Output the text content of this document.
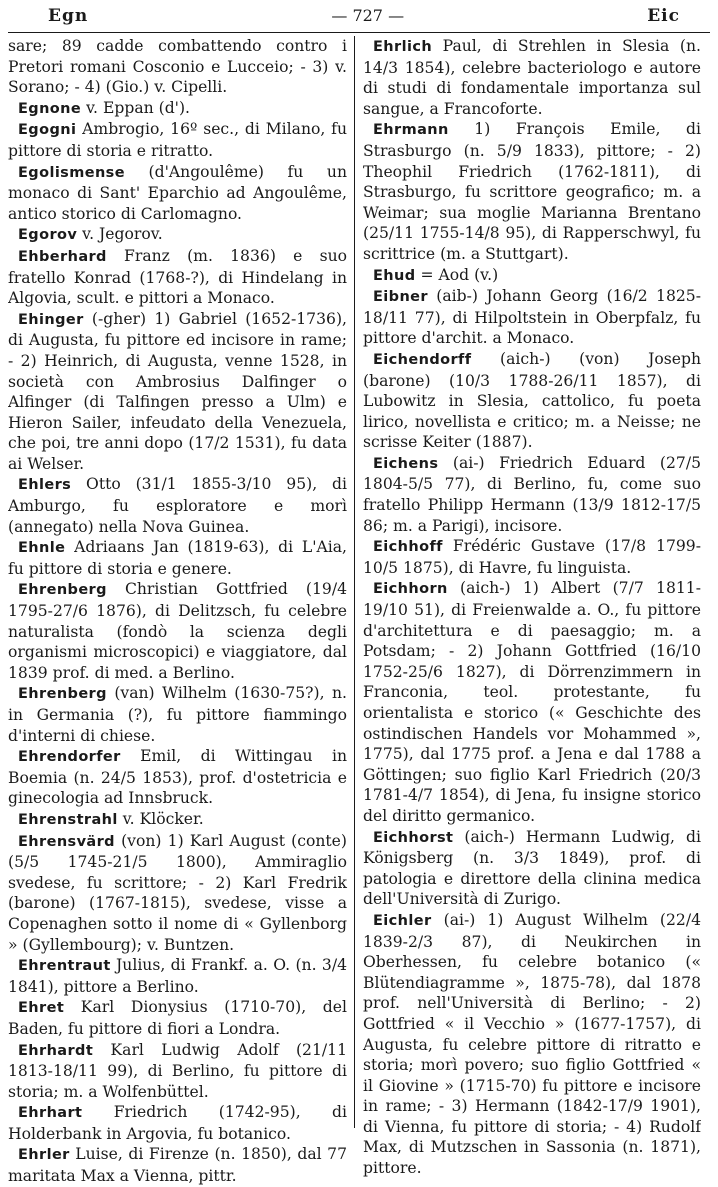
Egn	— 727 —	Eic

sare; 89 cadde combattendo contro i Pretori romani Cosconio e Lucceio; - 3) v. Sorano; - 4) (Gio.) v. Cipelli.

Egnone v. Eppan (d').

Egogni Ambrogio, 16º sec., di Milano, fu pittore di storia e ritratto.

Egolismense (d'Angoulême) fu un monaco di Sant' Eparchio ad Angoulême, antico storico di Carlomagno.

Egorov v. Jegorov.

Ehberhard Franz (m. 1836) e suo fratello Konrad (1768-?), di Hindelang in Algovia, scult. e pittori a Monaco.

Ehinger (-gher) 1) Gabriel (1652-1736), di Augusta, fu pittore ed incisore in rame; - 2) Heinrich, di Augusta, venne 1528, in società con Ambrosius Dalfinger o Alfinger (di Talfingen presso a Ulm) e Hieron Sailer, infeudato della Venezuela, che poi, tre anni dopo (17/2 1531), fu data ai Welser.

Ehlers Otto (31/1 1855-3/10 95), di Amburgo, fu esploratore e morì (annegato) nella Nova Guinea.

Ehnle Adriaans Jan (1819-63), di L'Aia, fu pittore di storia e genere.

Ehrenberg Christian Gottfried (19/4 1795-27/6 1876), di Delitzsch, fu celebre naturalista (fondò la scienza degli organismi microscopici) e viaggiatore, dal 1839 prof. di med. a Berlino.

Ehrenberg (van) Wilhelm (1630-75?), n. in Germania (?), fu pittore fiammingo d'interni di chiese.

Ehrendorfer Emil, di Wittingau in Boemia (n. 24/5 1853), prof. d'ostetricia e ginecologia ad Innsbruck.

Ehrenstrahl v. Klöcker.

Ehrensvärd (von) 1) Karl August (conte) (5/5 1745-21/5 1800), Ammiraglio svedese, fu scrittore; - 2) Karl Fredrik (barone) (1767-1815), svedese, visse a Copenaghen sotto il nome di « Gyllenborg » (Gyllembourg); v. Buntzen.

Ehrentraut Julius, di Frankf. a. O. (n. 3/4 1841), pittore a Berlino.

Ehret Karl Dionysius (1710-70), del Baden, fu pittore di fiori a Londra.

Ehrhardt Karl Ludwig Adolf (21/11 1813-18/11 99), di Berlino, fu pittore di storia; m. a Wolfenbüttel.

Ehrhart Friedrich (1742-95), di Holderbank in Argovia, fu botanico.

Ehrler Luise, di Firenze (n. 1850), dal 77 maritata Max a Vienna, pittr.

Ehrlich Paul, di Strehlen in Slesia (n. 14/3 1854), celebre bacteriologo e autore di studi di fondamentale importanza sul sangue, a Francoforte.

Ehrmann 1) François Emile, di Strasburgo (n. 5/9 1833), pittore; - 2) Theophil Friedrich (1762-1811), di Strasburgo, fu scrittore geografico; m. a Weimar; sua moglie Marianna Brentano (25/11 1755-14/8 95), di Rapperschwyl, fu scrittrice (m. a Stuttgart).

Ehud = Aod (v.)

Eibner (aib-) Johann Georg (16/2 1825-18/11 77), di Hilpoltstein in Oberpfalz, fu pittore d'archit. a Monaco.

Eichendorff (aich-) (von) Joseph (barone) (10/3 1788-26/11 1857), di Lubowitz in Slesia, cattolico, fu poeta lirico, novellista e critico; m. a Neisse; ne scrisse Keiter (1887).

Eichens (ai-) Friedrich Eduard (27/5 1804-5/5 77), di Berlino, fu, come suo fratello Philipp Hermann (13/9 1812-17/5 86; m. a Parigi), incisore.

Eichhoff Frédéric Gustave (17/8 1799-10/5 1875), di Havre, fu linguista.

Eichhorn (aich-) 1) Albert (7/7 1811-19/10 51), di Freienwalde a. O., fu pittore d'architettura e di paesaggio; m. a Potsdam; - 2) Johann Gottfried (16/10 1752-25/6 1827), di Dörrenzimmern in Franconia, teol. protestante, fu orientalista e storico (« Geschichte des ostindischen Handels vor Mohammed », 1775), dal 1775 prof. a Jena e dal 1788 a Göttingen; suo figlio Karl Friedrich (20/3 1781-4/7 1854), di Jena, fu insigne storico del diritto germanico.

Eichhorst (aich-) Hermann Ludwig, di Königsberg (n. 3/3 1849), prof. di patologia e direttore della clinina medica dell'Università di Zurigo.

Eichler (ai-) 1) August Wilhelm (22/4 1839-2/3 87), di Neukirchen in Oberhessen, fu celebre botanico (« Blütendiagramme », 1875-78), dal 1878 prof. nell'Università di Berlino; - 2) Gottfried « il Vecchio » (1677-1757), di Augusta, fu celebre pittore di ritratto e storia; morì povero; suo figlio Gottfried « il Giovine » (1715-70) fu pittore e incisore in rame; - 3) Hermann (1842-17/9 1901), di Vienna, fu pittore di storia; - 4) Rudolf Max, di Mutzschen in Sassonia (n. 1871), pittore.
